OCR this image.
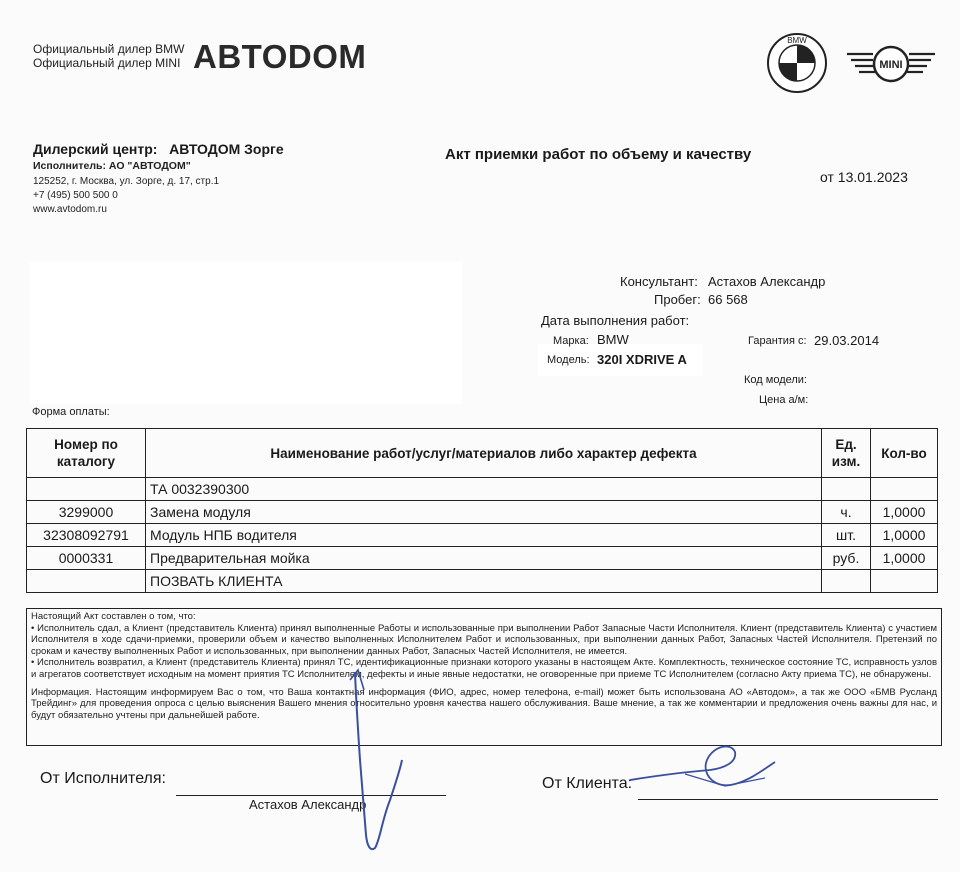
Официальный дилер BMW
Официальный дилер MINI ABTODOM	BMW
MINI
Дилерский центр: АВТОДОМ Зорге
Исполнитель: АО "АВТОДОМ"
125252, г. Москва, ул. Зорге, д. 17, стр.1
+7 (495) 500 500 0
www.avtodom.ru
Акт приемки работ по объему и качеству
от 13.01.2023
Консультант: Астахов Александр
Пробег: 66 568
Дата выполнения работ:
Марка: BMW	Гарантия с: 29.03.2014
Модель: 320I XDRIVE A
Код модели:
Цена а/м:
Форма оплаты:
Номер по каталогу	Наименование работ/услуг/материалов либо характер дефекта	Ед. изм.	Кол-во
	ТА 0032390300		
3299000	Замена модуля	ч.	1,0000
32308092791	Модуль НПБ водителя	шт.	1,0000
0000331	Предварительная мойка	руб.	1,0000
	ПОЗВАТЬ КЛИЕНТА		

Настоящий Акт составлен о том, что:

• Исполнитель сдал, а Клиент (представитель Клиента) принял выполненные Работы и использованные при выполнении Работ Запасные Части Исполнителя. Клиент (представитель Клиента) с участием Исполнителя в ходе сдачи-приемки, проверили объем и качество выполненных Исполнителем Работ и использованных, при выполнении данных Работ, Запасных Частей Исполнителя. Претензий по срокам и качеству выполненных Работ и использованных, при выполнении данных Работ, Запасных Частей Исполнителя, не имеется.

• Исполнитель возвратил, а Клиент (представитель Клиента) принял ТС, идентификационные признаки которого указаны в настоящем Акте. Комплектность, техническое состояние ТС, исправность узлов и агрегатов соответствует исходным на момент приятия ТС Исполнителем, дефекты и иные явные недостатки, не оговоренные при приеме ТС Исполнителем (согласно Акту приема ТС), не обнаружены.

Информация. Настоящим информируем Вас о том, что Ваша контактная информация (ФИО, адрес, номер телефона, e-mail) может быть использована АО «Автодом», а так же ООО «БМВ Русланд Трейдинг» для проведения опроса с целью выяснения Вашего мнения относительно уровня качества нашего обслуживания. Ваше мнение, а так же комментарии и предложения очень важны для нас, и будут обязательно учтены при дальнейшей работе.

От Исполнителя:
Астахов Александр
От Клиента:
